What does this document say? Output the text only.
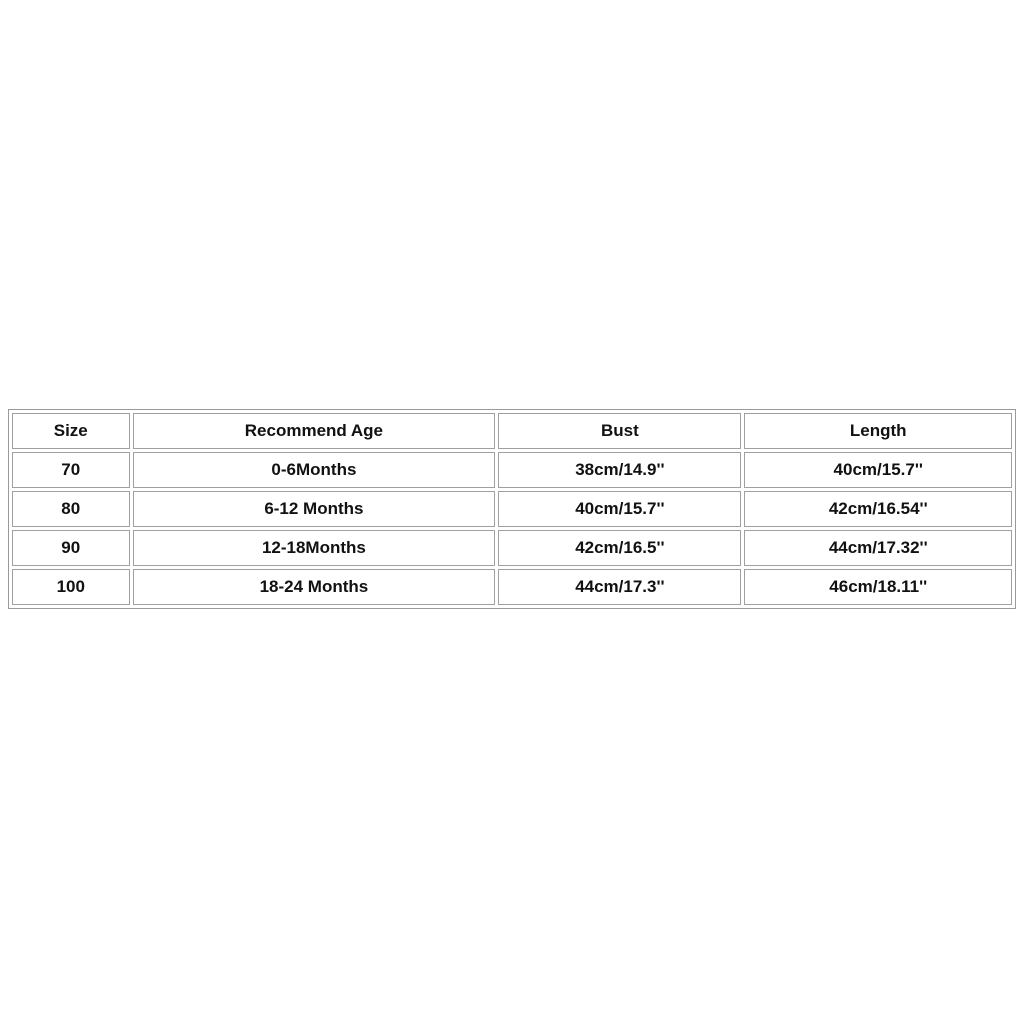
Size	Recommend Age	Bust	Length
70	0-6Months	38cm/14.9''	40cm/15.7''
80	6-12 Months	40cm/15.7''	42cm/16.54''
90	12-18Months	42cm/16.5''	44cm/17.32''
100	18-24 Months	44cm/17.3''	46cm/18.11''
